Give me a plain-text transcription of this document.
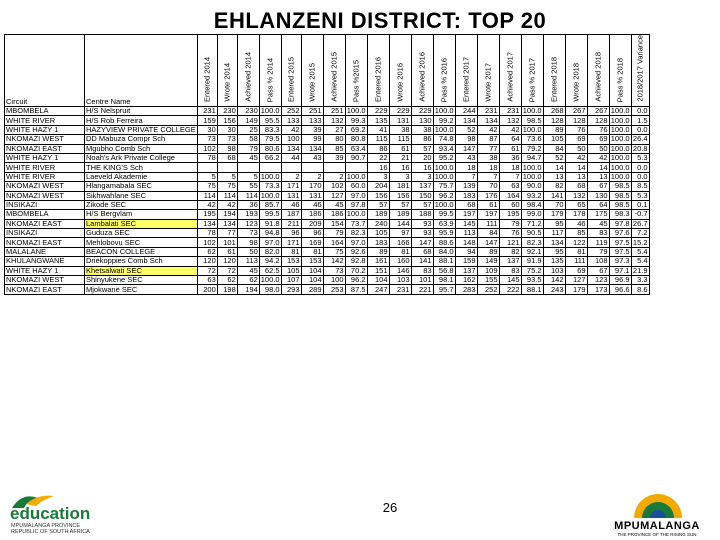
EHLANZENI DISTRICT: TOP 20
Circuit	Centre Name	Entered 2014	Wrote 2014	Achieved 2014	Pass % 2014	Entered 2015	Wrote 2015	Achieved 2015	Pass %2015	Entered 2016	Wrote 2016	Achieved 2016	Pass % 2016	Entered 2017	Wrote 2017	Achieved 2017	Pass % 2017	Entered 2018	Wrote 2018	Achieved 2018	Pass % 2018	2018/2017 Variance

MBOMBELA	H/S Nelspruit	231	230	230	100.0	252	251	251	100.0	229	229	229	100.0	244	231	231	100.0	268	267	267	100.0	0.0
WHITE RIVER	H/S Rob Ferreira	159	156	149	95.5	133	133	132	99.3	135	131	130	99.2	134	134	132	98.5	128	128	128	100.0	1.5
WHITE HAZY 1	HAZYVIEW PRIVATE COLLEGE	30	30	25	83.3	42	39	27	69.2	41	38	38	100.0	52	42	42	100.0	89	76	76	100.0	0.0
NKOMAZI WEST	DD Mabuza Compr Sch	73	73	58	79.5	100	99	80	80.8	115	115	86	74.8	98	87	64	73.6	105	69	69	100.0	26.4
NKOMAZI EAST	Mgubho Comb Sch	102	98	79	80.6	134	134	85	63.4	86	61	57	93.4	147	77	61	79.2	84	50	50	100.0	20.8
WHITE HAZY 1	Noah's Ark Private College	78	68	45	66.2	44	43	39	90.7	22	21	20	95.2	43	38	36	94.7	52	42	42	100.0	5.3
WHITE RIVER	THE KING'S Sch									16	16	16	100.0	18	18	18	100.0	14	14	14	100.0	0.0
WHITE RIVER	Laeveld Akademie	5	5	5	100.0	2	2	2	100.0	3	3	3	100.0	7	7	7	100.0	13	13	13	100.0	0.0
NKOMAZI WEST	Hlangamabala SEC	75	75	55	73.3	171	170	102	60.0	204	181	137	75.7	139	70	63	90.0	82	68	67	98.5	8.5
NKOMAZI WEST	Sikhwahlane SEC	114	114	114	100.0	131	131	127	97.0	156	156	150	96.2	183	176	164	93.2	141	132	130	98.5	5.3
INSIKAZI	Zikode SEC	42	42	36	85.7	46	46	45	97.8	57	57	57	100.0	68	61	60	98.4	70	65	64	98.5	0.1
MBOMBELA	H/S Bergvlam	195	194	193	99.5	187	186	186	100.0	189	189	188	99.5	197	197	195	99.0	179	178	175	98.3	-0.7
NKOMAZI EAST	Lambalati SEC	134	134	123	91.8	211	209	154	73.7	240	144	93	63.9	145	111	79	71.2	95	46	45	97.8	26.7
INSIKAZI	Guduza SEC	78	77	73	94.8	96	96	79	82.3	105	97	93	95.9	113	84	76	90.5	117	85	83	97.6	7.2
NKOMAZI EAST	Mehlobovu SEC	102	101	98	97.0	171	169	164	97.0	183	166	147	88.6	148	147	121	82.3	134	122	119	97.5	15.2
MALALANE	BEACON COLLEGE	62	61	50	82.0	81	81	75	92.6	89	81	68	84.0	94	89	82	92.1	95	81	79	97.5	5.4
KHULANGWANE	Driekoppies Comb Sch	120	120	113	94.2	153	153	142	92.8	161	160	141	88.1	159	149	137	91.9	135	111	108	97.3	5.4
WHITE HAZY 1	Khetsalwati SEC	72	72	45	62.5	105	104	73	70.2	151	146	83	56.8	137	109	83	75.2	103	69	67	97.1	21.9
NKOMAZI WEST	Shinyukene SEC	63	62	62	100.0	107	104	100	96.2	104	103	101	98.1	162	155	145	93.5	142	127	123	96.9	3.3
NKOMAZI EAST	Mjokwane SEC	200	198	194	98.0	293	289	253	87.5	247	231	221	95.7	283	252	222	88.1	243	179	173	96.6	8.6
26
education
MPUMALANGA PROVINCE
REPUBLIC OF SOUTH AFRICA	MPUMALANGA
THE PROVINCE OF THE RISING SUN
